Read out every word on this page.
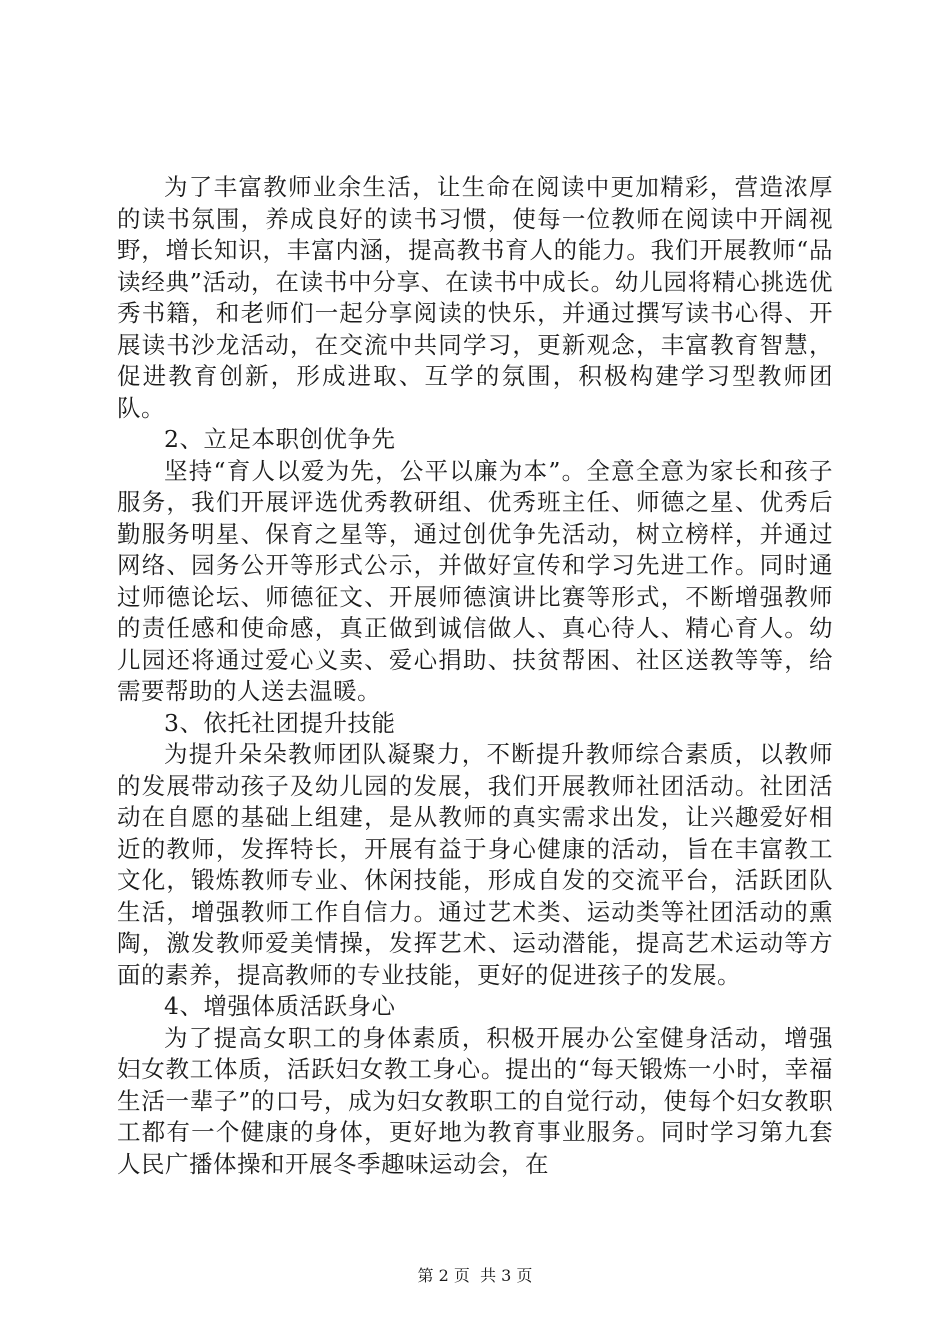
为了丰富教师业余生活，让生命在阅读中更加精彩，营造浓厚的读书氛围，养成良好的读书习惯，使每一位教师在阅读中开阔视野，增长知识，丰富内涵，提高教书育人的能力。我们开展教师“品读经典”活动，在读书中分享、在读书中成长。幼儿园将精心挑选优秀书籍，和老师们一起分享阅读的快乐，并通过撰写读书心得、开展读书沙龙活动，在交流中共同学习，更新观念，丰富教育智慧，促进教育创新，形成进取、互学的氛围，积极构建学习型教师团队。

2、立足本职创优争先

坚持“育人以爱为先，公平以廉为本”。全意全意为家长和孩子服务，我们开展评选优秀教研组、优秀班主任、师德之星、优秀后勤服务明星、保育之星等，通过创优争先活动，树立榜样，并通过网络、园务公开等形式公示，并做好宣传和学习先进工作。同时通过师德论坛、师德征文、开展师德演讲比赛等形式，不断增强教师的责任感和使命感，真正做到诚信做人、真心待人、精心育人。幼儿园还将通过爱心义卖、爱心捐助、扶贫帮困、社区送教等等，给需要帮助的人送去温暖。

3、依托社团提升技能

为提升朵朵教师团队凝聚力，不断提升教师综合素质，以教师的发展带动孩子及幼儿园的发展，我们开展教师社团活动。社团活动在自愿的基础上组建，是从教师的真实需求出发，让兴趣爱好相近的教师，发挥特长，开展有益于身心健康的活动，旨在丰富教工文化，锻炼教师专业、休闲技能，形成自发的交流平台，活跃团队生活，增强教师工作自信力。通过艺术类、运动类等社团活动的熏陶，激发教师爱美情操，发挥艺术、运动潜能，提高艺术运动等方面的素养，提高教师的专业技能，更好的促进孩子的发展。

4、增强体质活跃身心

为了提高女职工的身体素质，积极开展办公室健身活动，增强妇女教工体质，活跃妇女教工身心。提出的“每天锻炼一小时，幸福生活一辈子”的口号，成为妇女教职工的自觉行动，使每个妇女教职工都有一个健康的身体，更好地为教育事业服务。同时学习第九套人民广播体操和开展冬季趣味运动会，在

第 2 页  共 3 页
